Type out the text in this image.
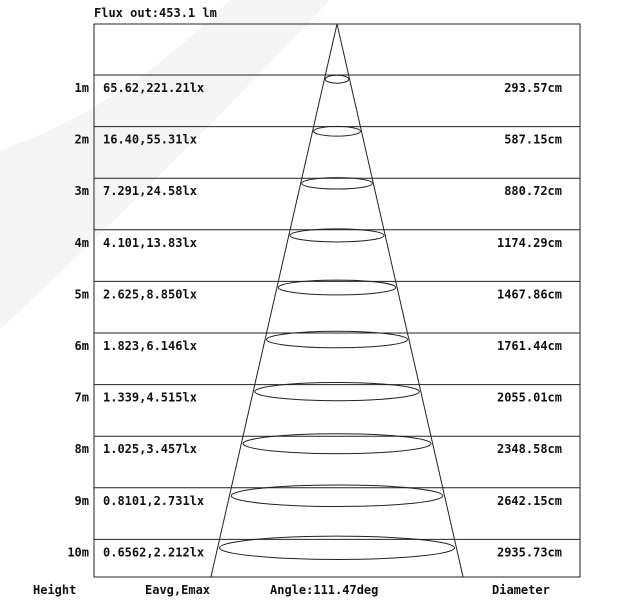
Flux out:453.1 lm
1m 65.62,221.21lx	293.57cm
2m 16.40,55.31lx	587.15cm
3m 7.291,24.58lx	880.72cm
4m 4.101,13.83lx	1174.29cm
5m 2.625,8.850lx	1467.86cm
6m 1.823,6.146lx	1761.44cm
7m 1.339,4.515lx	2055.01cm
8m 1.025,3.457lx	2348.58cm
9m 0.8101,2.731lx	2642.15cm
10m 0.6562,2.212lx	2935.73cm
Height	Eavg,Emax	Angle:111.47deg	Diameter
